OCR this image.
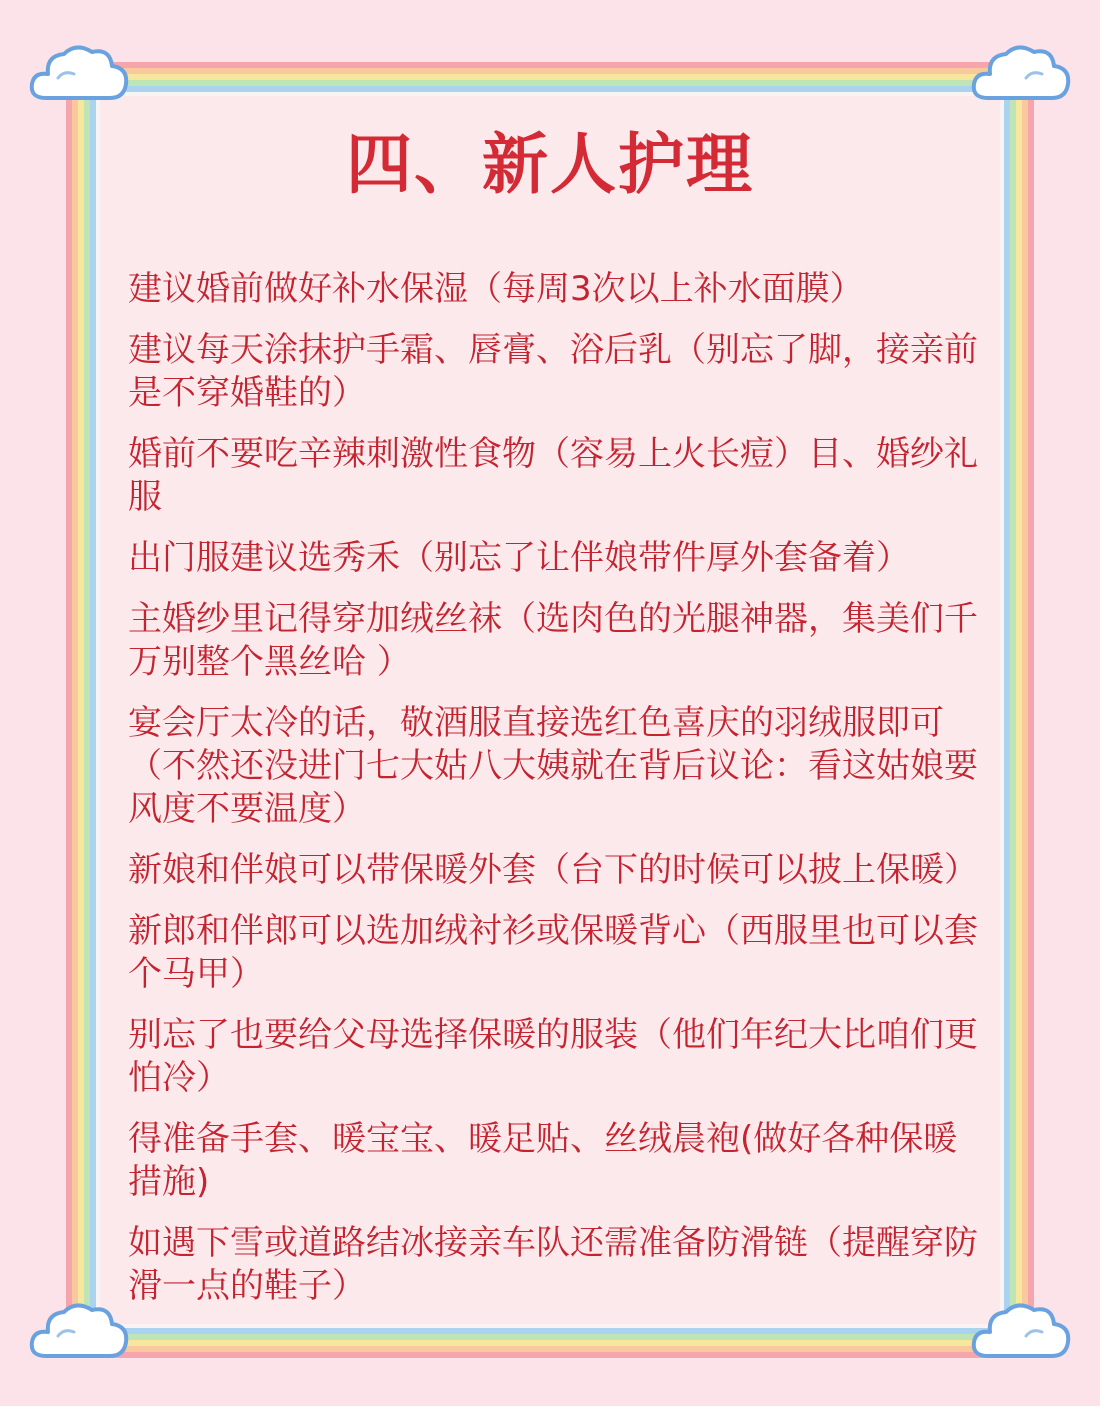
四、新人护理
建议婚前做好补水保湿（每周3次以上补水面膜）
建议每天涂抹护手霜、唇膏、浴后乳（别忘了脚，接亲前是不穿婚鞋的）
婚前不要吃辛辣刺激性食物（容易上火长痘）目、婚纱礼服
出门服建议选秀禾（别忘了让伴娘带件厚外套备着）
主婚纱里记得穿加绒丝袜（选肉色的光腿神器，集美们千万别整个黑丝哈 ）
宴会厅太冷的话，敬酒服直接选红色喜庆的羽绒服即可（不然还没进门七大姑八大姨就在背后议论：看这姑娘要风度不要温度）
新娘和伴娘可以带保暖外套（台下的时候可以披上保暖）
新郎和伴郎可以选加绒衬衫或保暖背心（西服里也可以套个马甲）
别忘了也要给父母选择保暖的服装（他们年纪大比咱们更怕冷）
得准备手套、暖宝宝、暖足贴、丝绒晨袍(做好各种保暖措施)
如遇下雪或道路结冰接亲车队还需准备防滑链（提醒穿防滑一点的鞋子）
